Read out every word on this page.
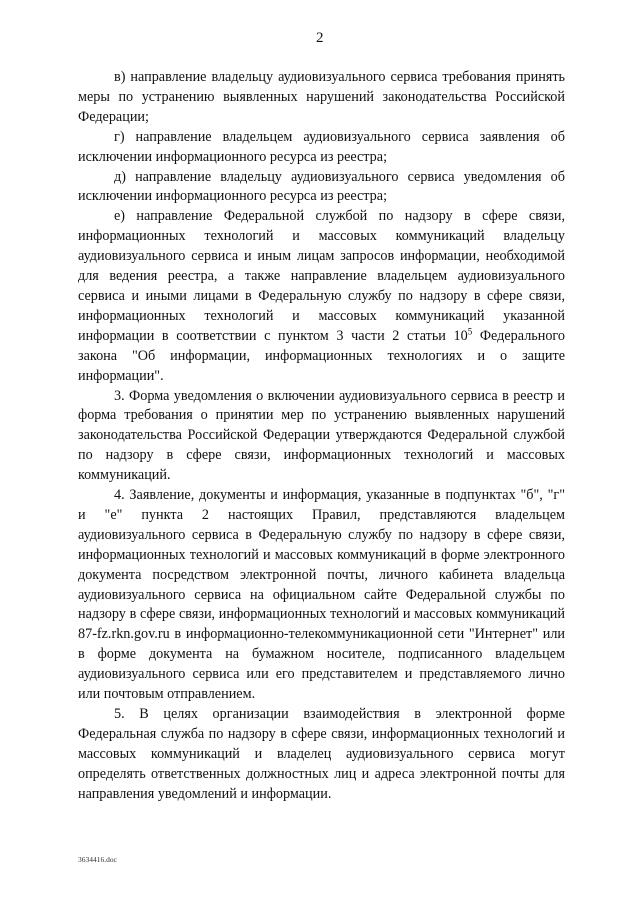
2

в) направление владельцу аудиовизуального сервиса требования принять меры по устранению выявленных нарушений законодательства Российской Федерации;

г) направление владельцем аудиовизуального сервиса заявления об исключении информационного ресурса из реестра;

д) направление владельцу аудиовизуального сервиса уведомления об исключении информационного ресурса из реестра;

е) направление Федеральной службой по надзору в сфере связи, информационных технологий и массовых коммуникаций владельцу аудиовизуального сервиса и иным лицам запросов информации, необходимой для ведения реестра, а также направление владельцем аудиовизуального сервиса и иными лицами в Федеральную службу по надзору в сфере связи, информационных технологий и массовых коммуникаций указанной информации в соответствии с пунктом 3 части 2 статьи $10^5$ Федерального закона "Об информации, информационных технологиях и о защите информации".

3. Форма уведомления о включении аудиовизуального сервиса в реестр и форма требования о принятии мер по устранению выявленных нарушений законодательства Российской Федерации утверждаются Федеральной службой по надзору в сфере связи, информационных технологий и массовых коммуникаций.

4. Заявление, документы и информация, указанные в подпунктах "б", "г" и "е" пункта 2 настоящих Правил, представляются владельцем аудиовизуального сервиса в Федеральную службу по надзору в сфере связи, информационных технологий и массовых коммуникаций в форме электронного документа посредством электронной почты, личного кабинета владельца аудиовизуального сервиса на официальном сайте Федеральной службы по надзору в сфере связи, информационных технологий и массовых коммуникаций 87-fz.rkn.gov.ru в информационно-телекоммуникационной сети "Интернет" или в форме документа на бумажном носителе, подписанного владельцем аудиовизуального сервиса или его представителем и представляемого лично или почтовым отправлением.

5. В целях организации взаимодействия в электронной форме Федеральная служба по надзору в сфере связи, информационных технологий и массовых коммуникаций и владелец аудиовизуального сервиса могут определять ответственных должностных лиц и адреса электронной почты для направления уведомлений и информации.

3634416.doc
